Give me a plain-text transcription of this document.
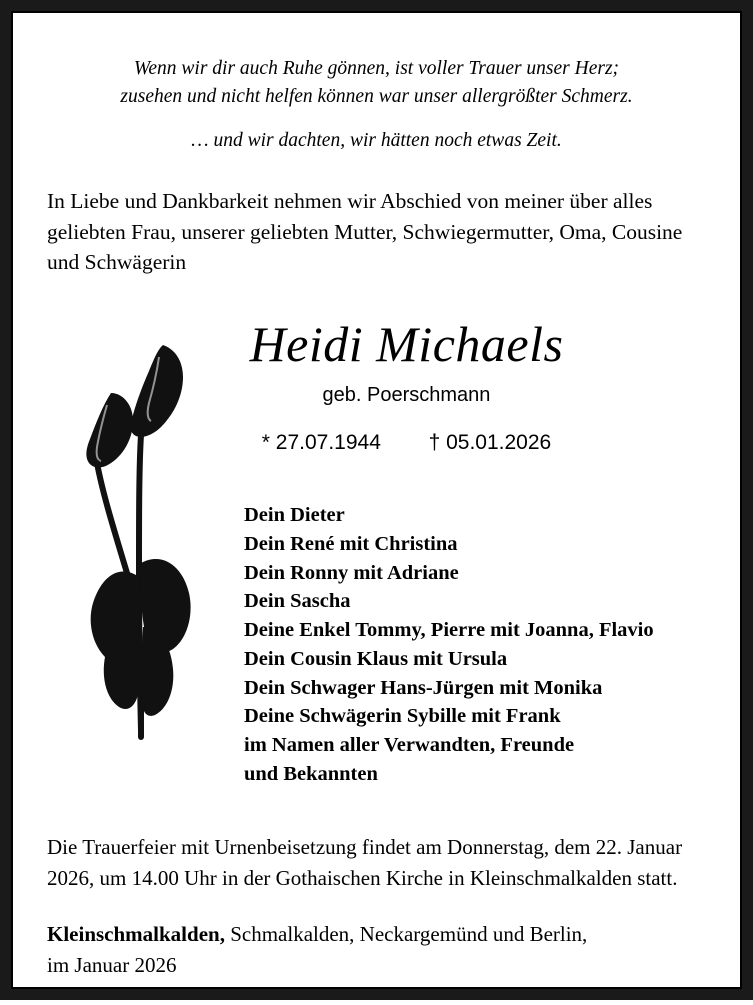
Wenn wir dir auch Ruhe gönnen, ist voller Trauer unser Herz;
zusehen und nicht helfen können war unser allergrößter Schmerz.
… und wir dachten, wir hätten noch etwas Zeit.
In Liebe und Dankbarkeit nehmen wir Abschied von meiner über alles geliebten Frau, unserer geliebten Mutter, Schwiegermutter, Oma, Cousine und Schwägerin
Heidi Michaels
geb. Poerschmann
* 27.07.1944 † 05.01.2026
Dein Dieter
Dein René mit Christina
Dein Ronny mit Adriane
Dein Sascha
Deine Enkel Tommy, Pierre mit Joanna, Flavio
Dein Cousin Klaus mit Ursula
Dein Schwager Hans-Jürgen mit Monika
Deine Schwägerin Sybille mit Frank
im Namen aller Verwandten, Freunde
und Bekannten
Die Trauerfeier mit Urnenbeisetzung findet am Donnerstag, dem 22. Januar 2026, um 14.00 Uhr in der Gothaischen Kirche in Kleinschmalkalden statt.
Kleinschmalkalden, Schmalkalden, Neckargemünd und Berlin,
im Januar 2026
